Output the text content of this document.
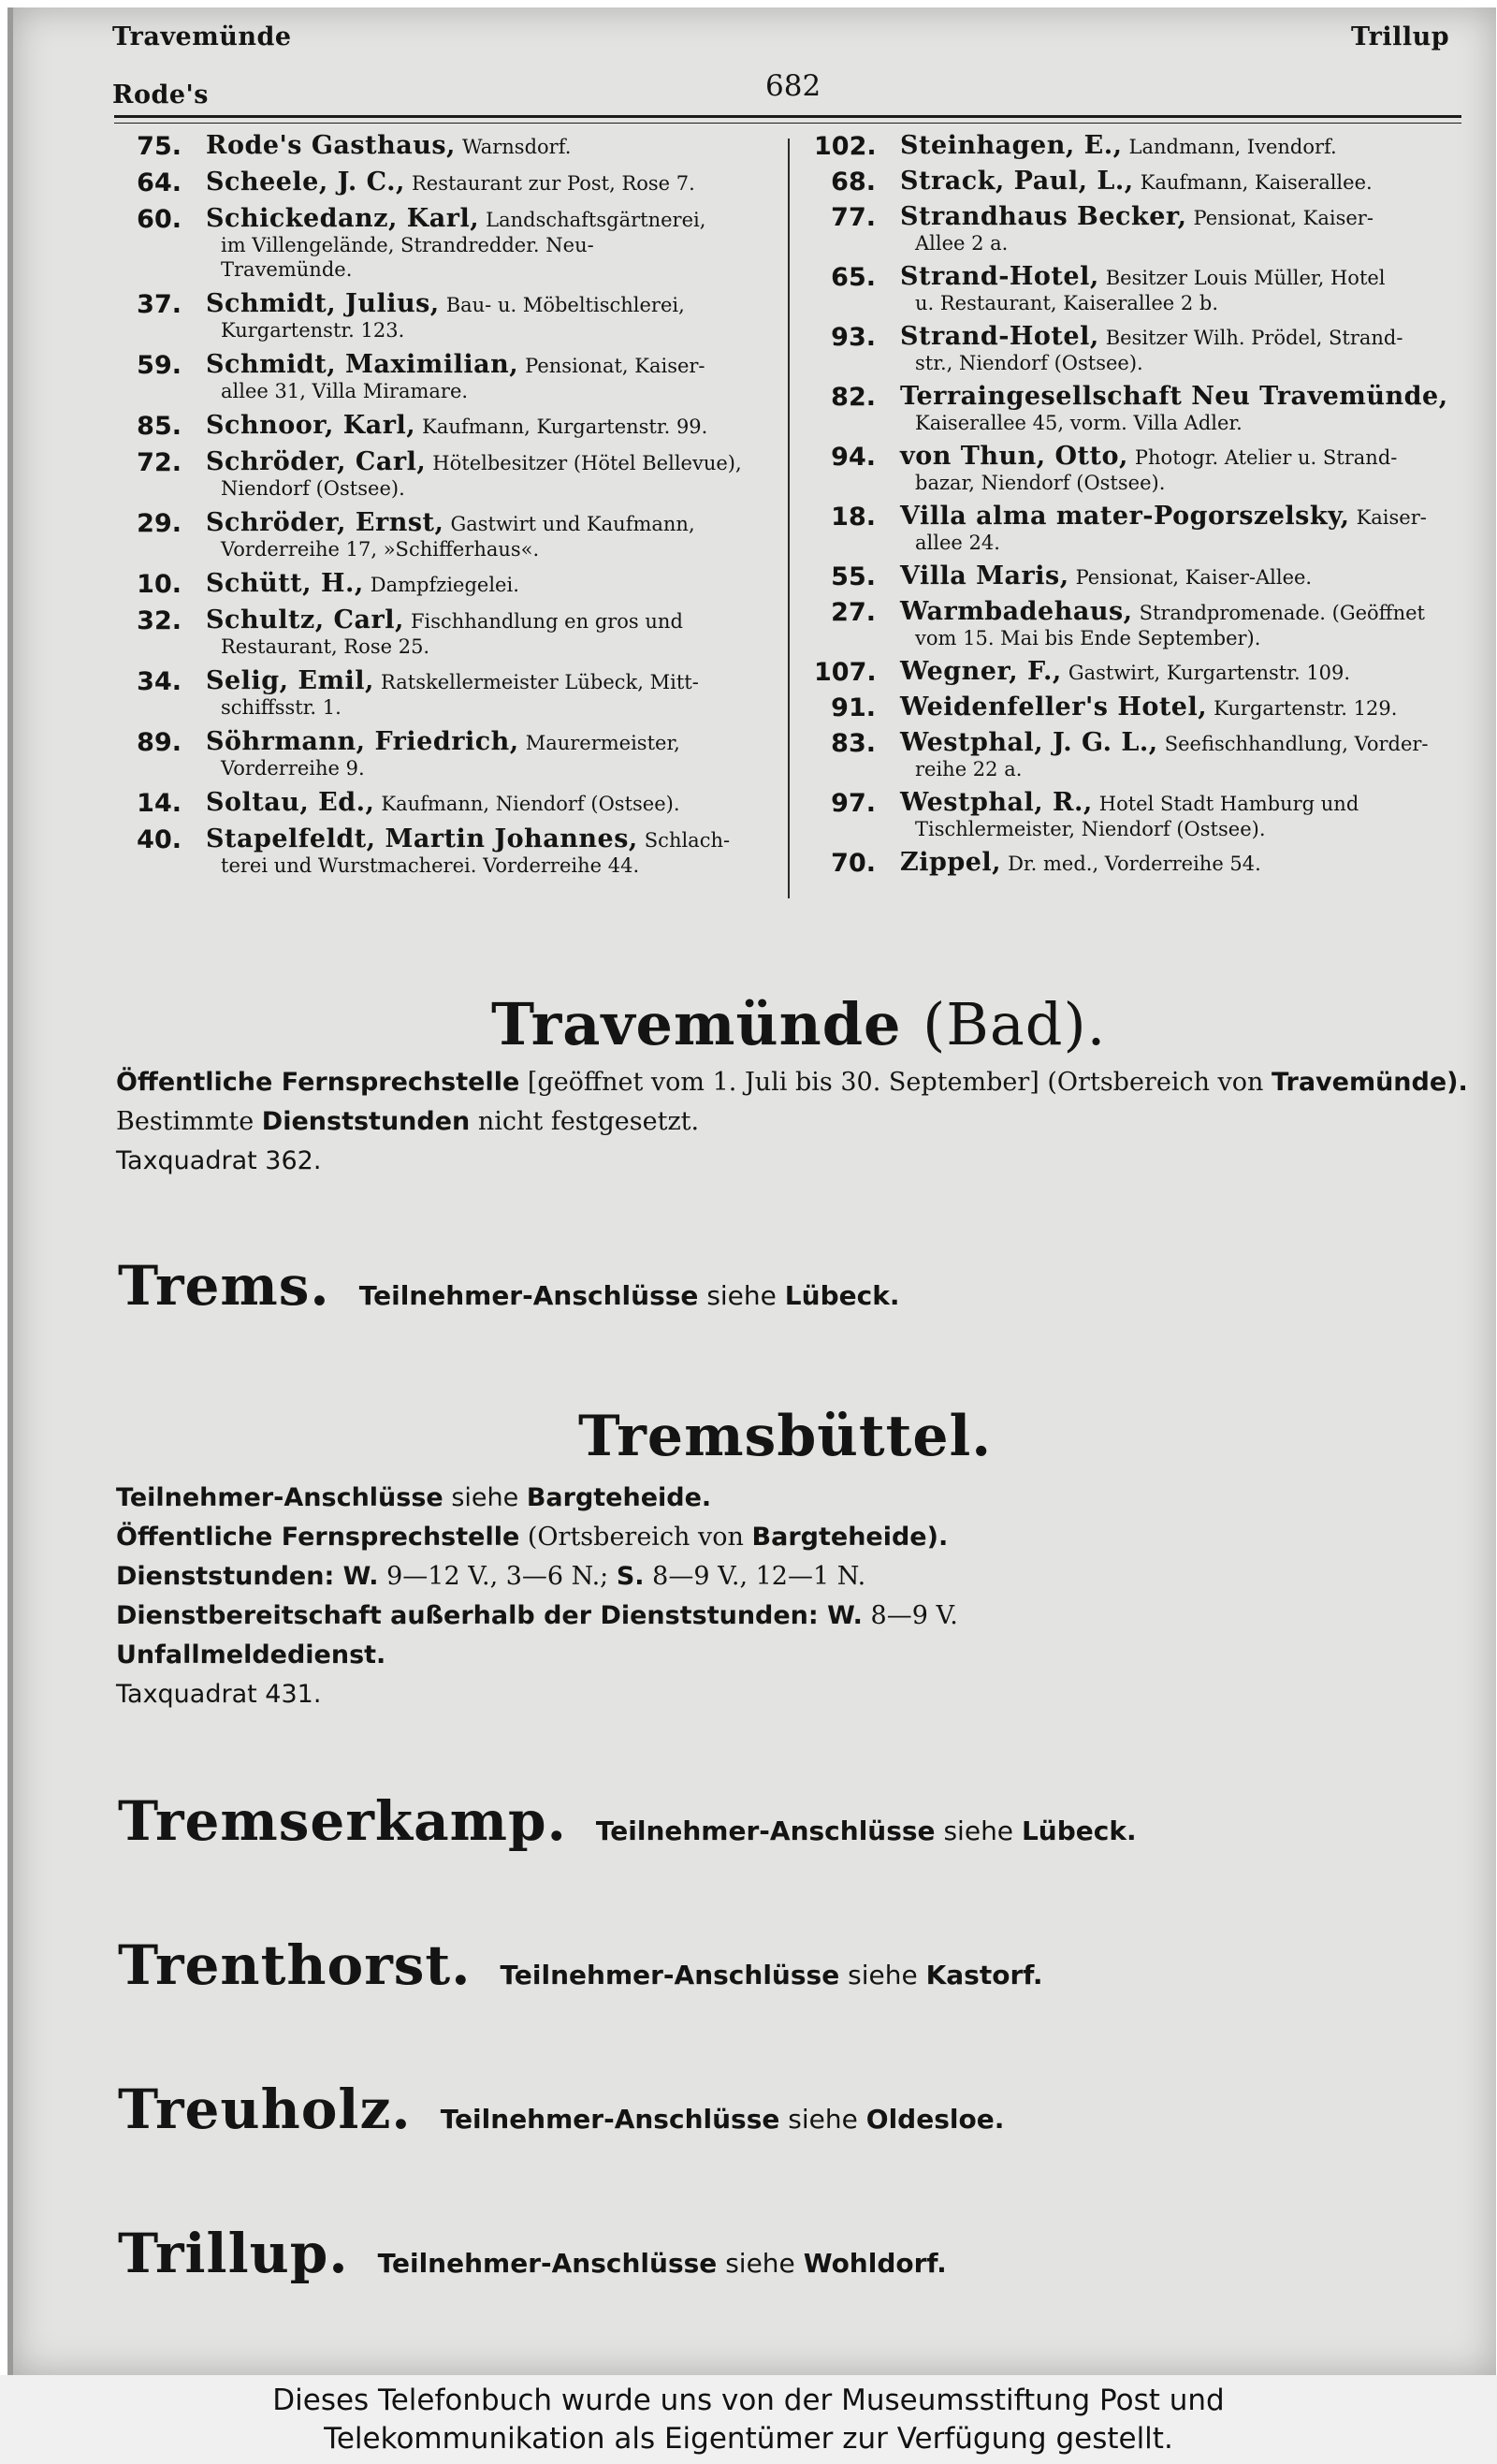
Travemünde
Rode's	682
Trillup
75. Rode's Gasthaus, Warnsdorf.
64. Scheele, J. C., Restaurant zur Post, Rose 7.
60. Schickedanz, Karl, Landschaftsgärtnerei,
im Villengelände, Strandredder. Neu-
Travemünde.
37. Schmidt, Julius, Bau- u. Möbeltischlerei,
Kurgartenstr. 123.
59. Schmidt, Maximilian, Pensionat, Kaiser-
allee 31, Villa Miramare.
85. Schnoor, Karl, Kaufmann, Kurgartenstr. 99.
72. Schröder, Carl, Hötelbesitzer (Hötel Bellevue),
Niendorf (Ostsee).
29. Schröder, Ernst, Gastwirt und Kaufmann,
Vorderreihe 17, »Schifferhaus«.
10. Schütt, H., Dampfziegelei.
32. Schultz, Carl, Fischhandlung en gros und
Restaurant, Rose 25.
34. Selig, Emil, Ratskellermeister Lübeck, Mitt-
schiffsstr. 1.
89. Söhrmann, Friedrich, Maurermeister,
Vorderreihe 9.
14. Soltau, Ed., Kaufmann, Niendorf (Ostsee).
40. Stapelfeldt, Martin Johannes, Schlach-
terei und Wurstmacherei. Vorderreihe 44.
102. Steinhagen, E., Landmann, Ivendorf.
68. Strack, Paul, L., Kaufmann, Kaiserallee.
77. Strandhaus Becker, Pensionat, Kaiser-
Allee 2 a.
65. Strand-Hotel, Besitzer Louis Müller, Hotel
u. Restaurant, Kaiserallee 2 b.
93. Strand-Hotel, Besitzer Wilh. Prödel, Strand-
str., Niendorf (Ostsee).
82. Terraingesellschaft Neu Travemünde,
Kaiserallee 45, vorm. Villa Adler.
94. von Thun, Otto, Photogr. Atelier u. Strand-
bazar, Niendorf (Ostsee).
18. Villa alma mater-Pogorszelsky, Kaiser-
allee 24.
55. Villa Maris, Pensionat, Kaiser-Allee.
27. Warmbadehaus, Strandpromenade. (Geöffnet
vom 15. Mai bis Ende September).
107. Wegner, F., Gastwirt, Kurgartenstr. 109.
91. Weidenfeller's Hotel, Kurgartenstr. 129.
83. Westphal, J. G. L., Seefischhandlung, Vorder-
reihe 22 a.
97. Westphal, R., Hotel Stadt Hamburg und
Tischlermeister, Niendorf (Ostsee).
70. Zippel, Dr. med., Vorderreihe 54.
Travemünde (Bad).
Öffentliche Fernsprechstelle [geöffnet vom 1. Juli bis 30. September] (Ortsbereich von Travemünde).
Bestimmte Dienststunden nicht festgesetzt.
Taxquadrat 362.
Trems. Teilnehmer-Anschlüsse siehe Lübeck.
Tremsbüttel.
Teilnehmer-Anschlüsse siehe Bargteheide.
Öffentliche Fernsprechstelle (Ortsbereich von Bargteheide).
Dienststunden: W. 9—12 V., 3—6 N.; S. 8—9 V., 12—1 N.
Dienstbereitschaft außerhalb der Dienststunden: W. 8—9 V.
Unfallmeldedienst.
Taxquadrat 431.
Tremserkamp. Teilnehmer-Anschlüsse siehe Lübeck.
Trenthorst. Teilnehmer-Anschlüsse siehe Kastorf.
Treuholz. Teilnehmer-Anschlüsse siehe Oldesloe.
Trillup. Teilnehmer-Anschlüsse siehe Wohldorf.
Dieses Telefonbuch wurde uns von der Museumsstiftung Post und
Telekommunikation als Eigentümer zur Verfügung gestellt.
